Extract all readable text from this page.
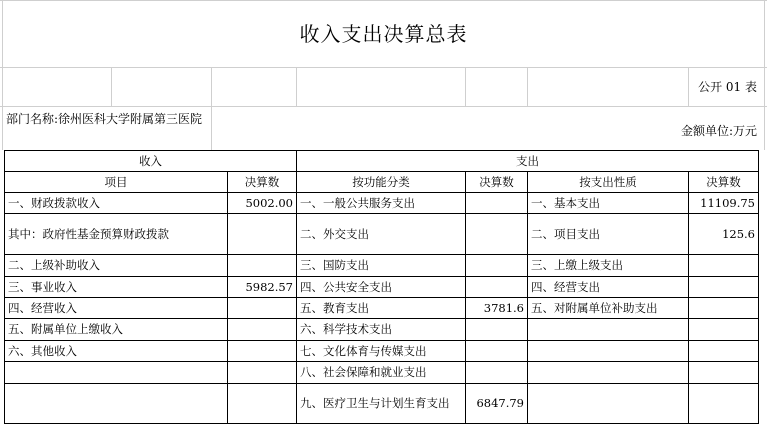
收入支出决算总表
公开 01 表
部门名称:徐州医科大学附属第三医院
金额单位:万元
收入		支出			
项目	决算数	按功能分类	决算数	按支出性质	决算数
一、财政拨款收入	5002.00	一、一般公共服务支出		一、基本支出	11109.75
其中：政府性基金预算财政拨款		二、外交支出		二、项目支出	125.6
二、上级补助收入		三、国防支出		三、上缴上级支出	
三、事业收入	5982.57	四、公共安全支出		四、经营支出	
四、经营收入		五、教育支出	3781.6	五、对附属单位补助支出	
五、附属单位上缴收入		六、科学技术支出			
六、其他收入		七、文化体育与传媒支出			
		八、社会保障和就业支出			
		九、医疗卫生与计划生育支出	6847.79		
